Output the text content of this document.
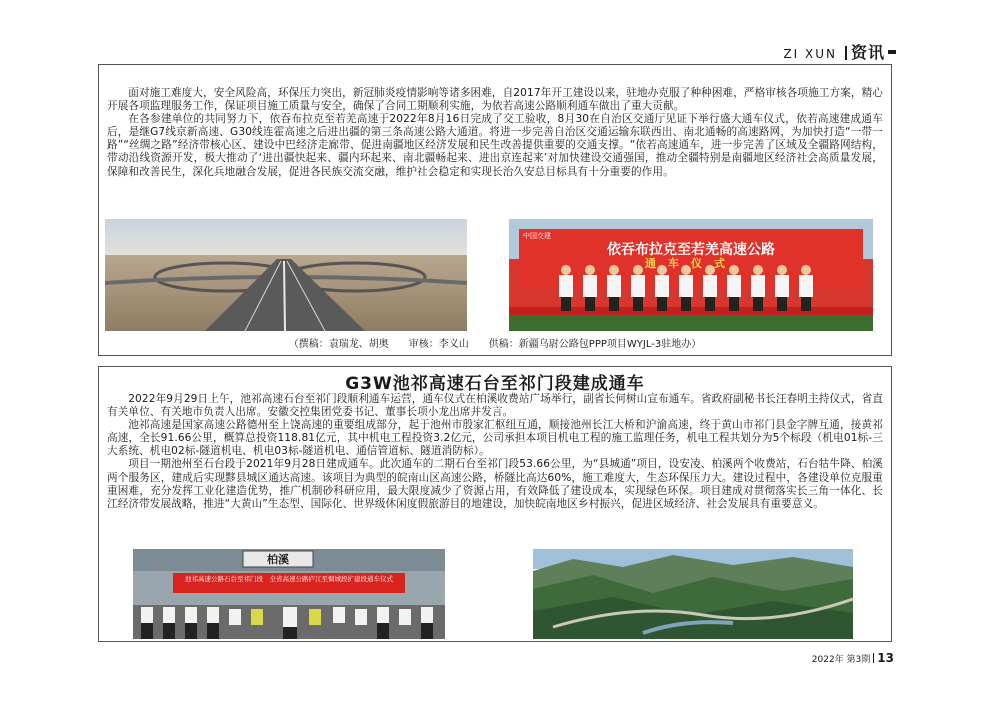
ZI XUN 资讯

面对施工难度大，安全风险高，环保压力突出，新冠肺炎疫情影响等诸多困难，自2017年开工建设以来，驻地办克服了种种困难，严格审核各项施工方案，精心开展各项监理服务工作，保证项目施工质量与安全，确保了合同工期顺利实施，为依若高速公路顺利通车做出了重大贡献。

在各参建单位的共同努力下，依吞布拉克至若羌高速于2022年8月16日完成了交工验收，8月30在自治区交通厅见证下举行盛大通车仪式，依若高速建成通车后，是继G7线京新高速、G30线连霍高速之后进出疆的第三条高速公路大通道。将进一步完善自治区交通运输东联西出、南北通畅的高速路网，为加快打造“一带一路”“丝绸之路”经济带核心区、建设中巴经济走廊带、促进南疆地区经济发展和民生改善提供重要的交通支撑。“依若高速通车，进一步完善了区域及全疆路网结构，带动沿线资源开发，极大推动了‘进出疆快起来、疆内环起来、南北疆畅起来、进出京连起来’对加快建设交通强国，推动全疆特别是南疆地区经济社会高质量发展，保障和改善民生，深化兵地融合发展，促进各民族交流交融，维护社会稳定和实现长治久安总目标具有十分重要的作用。

中国交建
依吞布拉克至若羌高速公路
通车仪式
（撰稿：袁瑞龙、胡奥　　审核：李义山　　供稿：新疆乌尉公路包PPP项目WYJL-3驻地办）
G3W池祁高速石台至祁门段建成通车

2022年9月29日上午，池祁高速石台至祁门段顺利通车运营，通车仪式在柏溪收费站广场举行，副省长何树山宣布通车。省政府副秘书长汪春明主持仪式，省直有关单位、有关地市负责人出席。安徽交控集团党委书记、董事长项小龙出席并发言。

池祁高速是国家高速公路德州至上饶高速的重要组成部分，起于池州市殷家汇枢纽互通，顺接池州长江大桥和沪渝高速，终于黄山市祁门县金字牌互通，接黄祁高速，全长91.66公里，概算总投资118.81亿元，其中机电工程投资3.2亿元，公司承担本项目机电工程的施工监理任务，机电工程共划分为5个标段（机电01标-三大系统、机电02标-隧道机电、机电03标-隧道机电、通信管道标、隧道消防标）。

项目一期池州至石台段于2021年9月28日建成通车。此次通车的二期石台至祁门段53.66公里，为“县城通”项目，设安凌、柏溪两个收费站，石台牯牛降、柏溪两个服务区，建成后实现黟县城区通达高速。该项目为典型的皖南山区高速公路，桥隧比高达60%，施工难度大，生态环保压力大。建设过程中，各建设单位克服重重困难，充分发挥工业化建造优势，推广机制砂科研应用，最大限度减少了资源占用，有效降低了建设成本，实现绿色环保。项目建成对贯彻落实长三角一体化、长江经济带发展战略，推进“大黄山”生态型、国际化、世界级休闲度假旅游目的地建设，加快皖南地区乡村振兴，促进区域经济、社会发展具有重要意义。

柏溪
池祁高速公路石台至祁门段　全省高速公路庐江至铜城段扩建段通车仪式
2022年 第3期 13
